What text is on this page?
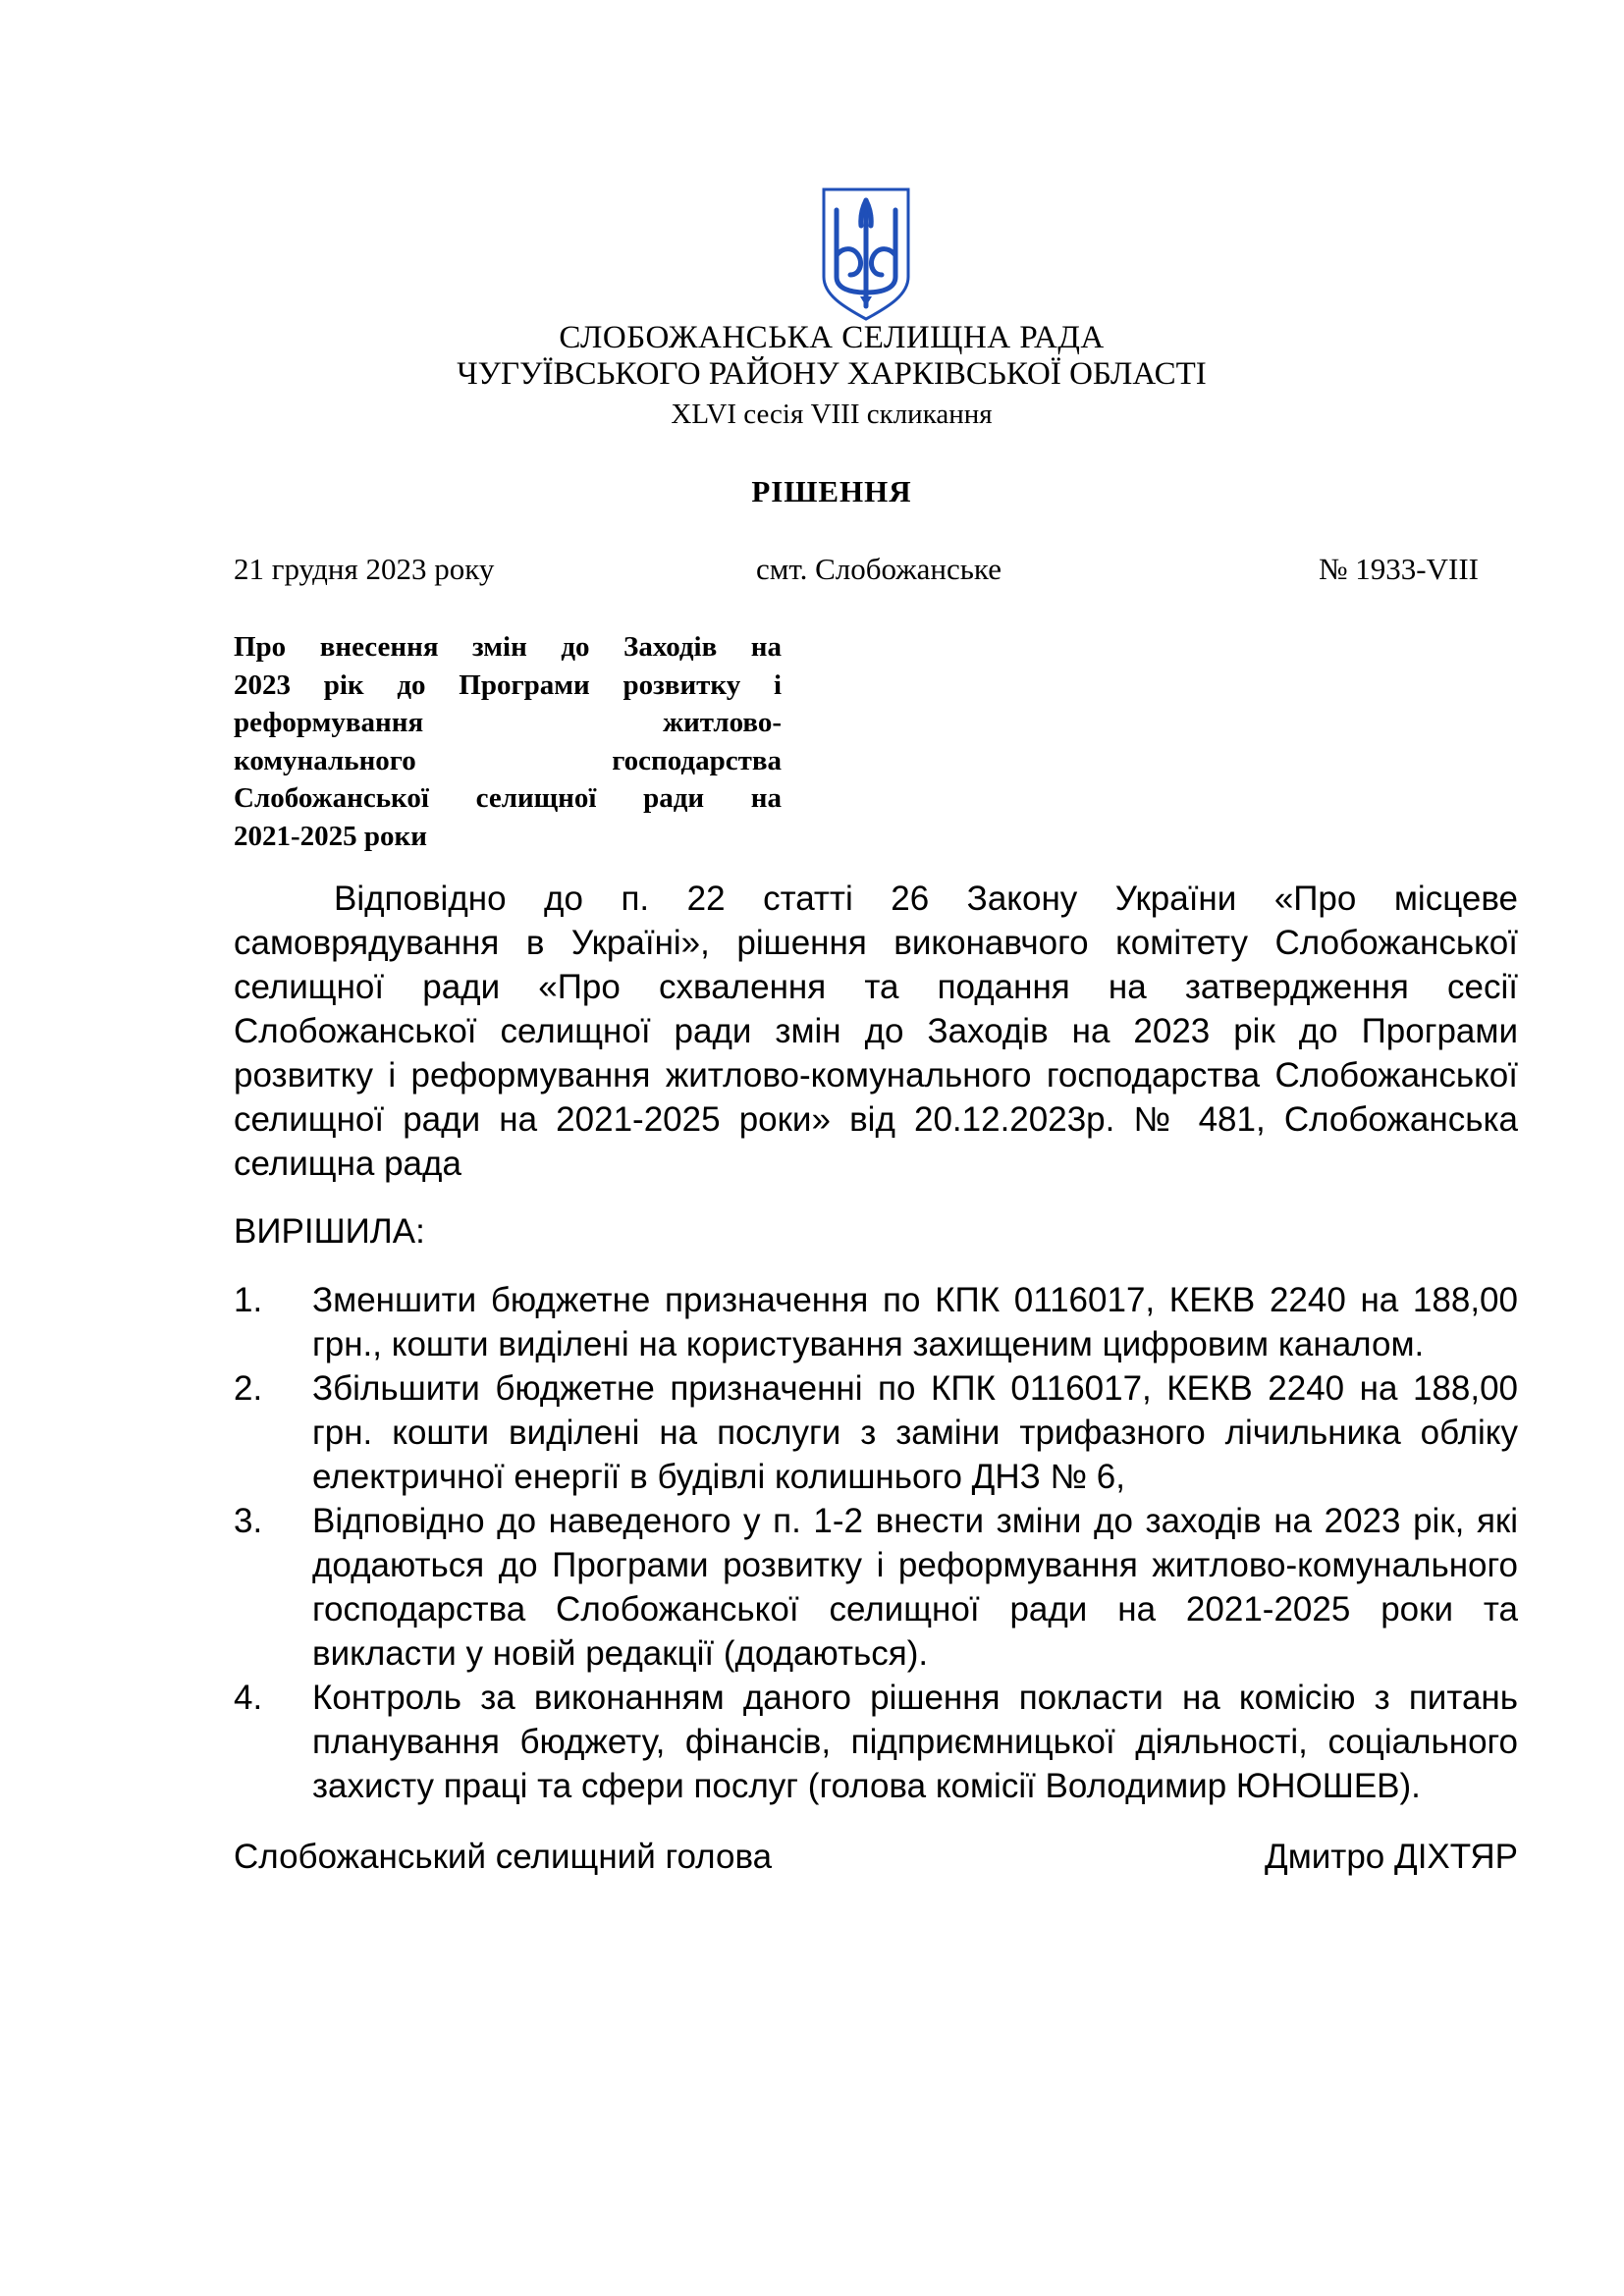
СЛОБОЖАНСЬКА СЕЛИЩНА РАДА
ЧУГУЇВСЬКОГО РАЙОНУ ХАРКІВСЬКОЇ ОБЛАСТІ
XLVI сесія VIII скликання
РІШЕННЯ
21 грудня 2023 року	смт. Слобожанське	№ 1933-VIII
Про внесення змін до Заходів на
2023 рік до Програми розвитку і
реформування житлово-
комунального господарства
Слобожанської селищної ради на
2021-2025 роки

Відповідно до п. 22 статті 26 Закону України «Про місцеве самоврядування в Україні», рішення виконавчого комітету Слобожанської селищної ради «Про схвалення та подання на затвердження сесії Слобожанської селищної ради змін до Заходів на 2023 рік до Програми розвитку і реформування житлово-комунального господарства Слобожанської селищної ради на 2021-2025 роки» від 20.12.2023р. № 481, Слобожанська селищна рада

ВИРІШИЛА:
1. Зменшити бюджетне призначення по КПК 0116017, КЕКВ 2240 на 188,00 грн., кошти виділені на користування захищеним цифровим каналом.
2. Збільшити бюджетне призначенні по КПК 0116017, КЕКВ 2240 на 188,00 грн. кошти виділені на послуги з заміни трифазного лічильника обліку електричної енергії в будівлі колишнього ДНЗ № 6,
3. Відповідно до наведеного у п. 1-2 внести зміни до заходів на 2023 рік, які додаються до Програми розвитку і реформування житлово-комунального господарства Слобожанської селищної ради на 2021-2025 роки та викласти у новій редакції (додаються).
4. Контроль за виконанням даного рішення покласти на комісію з питань планування бюджету, фінансів, підприємницької діяльності, соціального захисту праці та сфери послуг (голова комісії Володимир ЮНОШЕВ).
Слобожанський селищний голова	Дмитро ДІХТЯР
